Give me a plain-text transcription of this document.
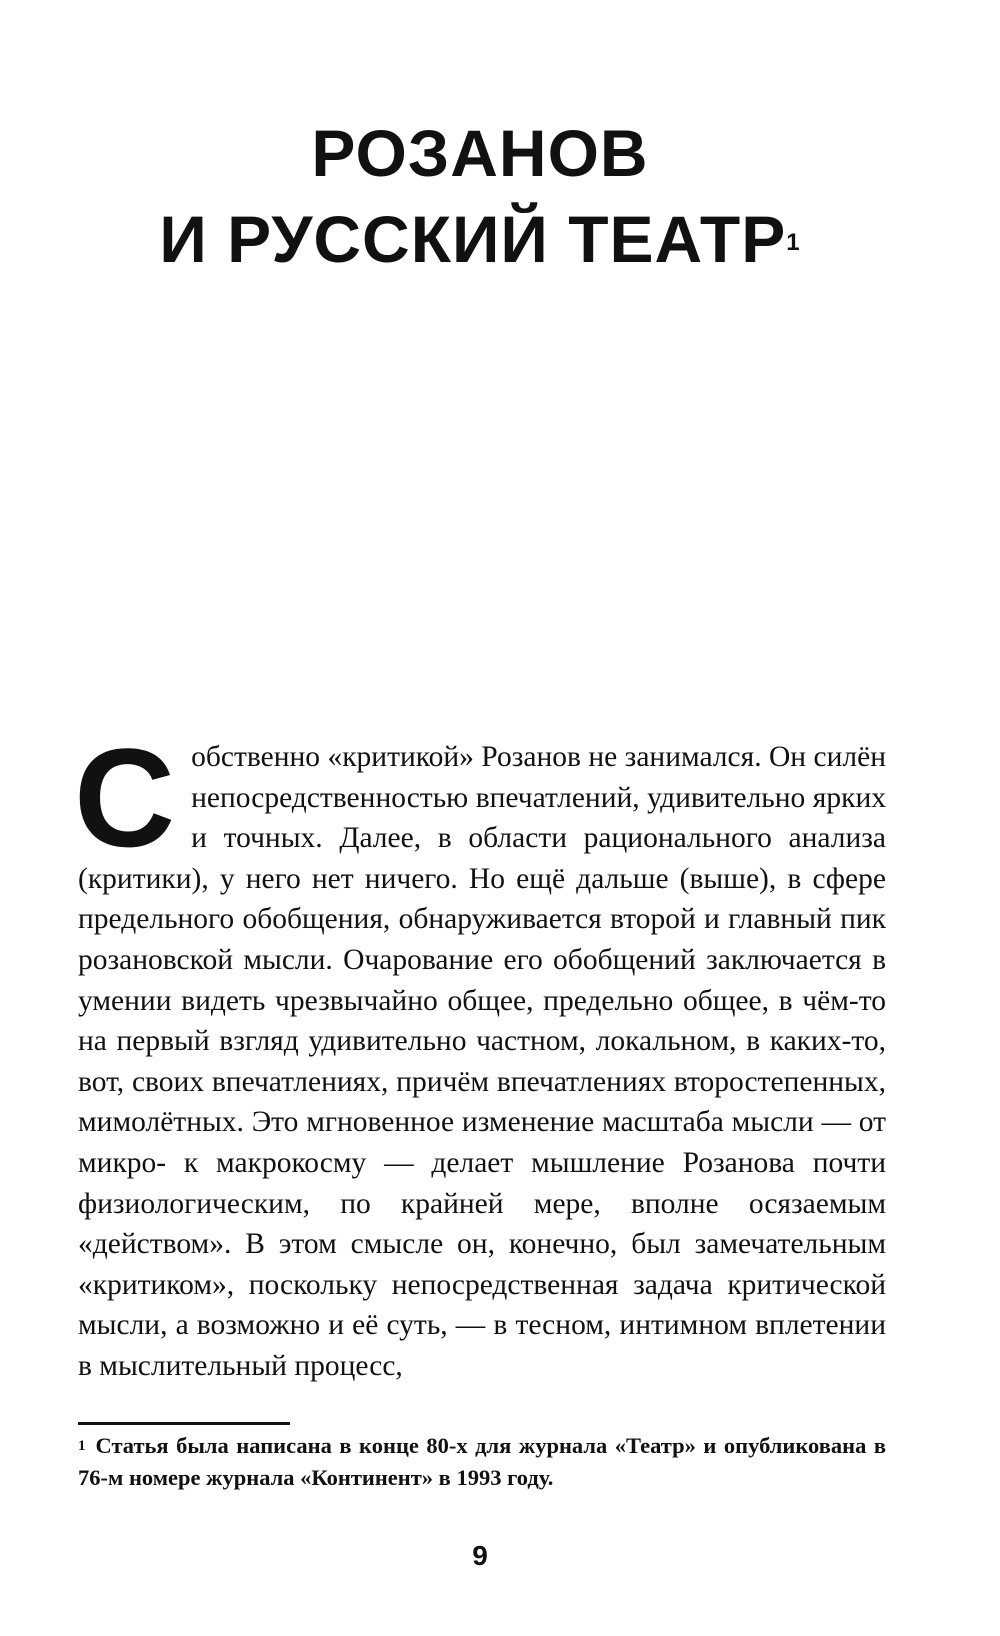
РОЗАНОВ
И РУССКИЙ ТЕАТР$^1$

Собственно «критикой» Розанов не занимался. Он силён непосредственностью впечатлений, удивительно ярких и точных. Далее, в области рационального анализа (критики), у него нет ничего. Но ещё дальше (выше), в сфере предельного обобщения, обнаруживается второй и главный пик розановской мысли. Очарование его обобщений заключается в умении видеть чрезвычайно общее, предельно общее, в чём-то на первый взгляд удивительно частном, локальном, в каких-то, вот, своих впечатлениях, причём впечатлениях второстепенных, мимолётных. Это мгновенное изменение масштаба мысли — от микро- к макрокосму — делает мышление Розанова почти физиологическим, по крайней мере, вполне осязаемым «действом». В этом смысле он, конечно, был замечательным «критиком», поскольку непосредственная задача критической мысли, а возможно и её суть, — в тесном, интимном вплетении в мыслительный процесс,

$^1$ Статья была написана в конце 80-х для журнала «Театр» и опубликована в 76-м номере журнала «Континент» в 1993 году.

9
